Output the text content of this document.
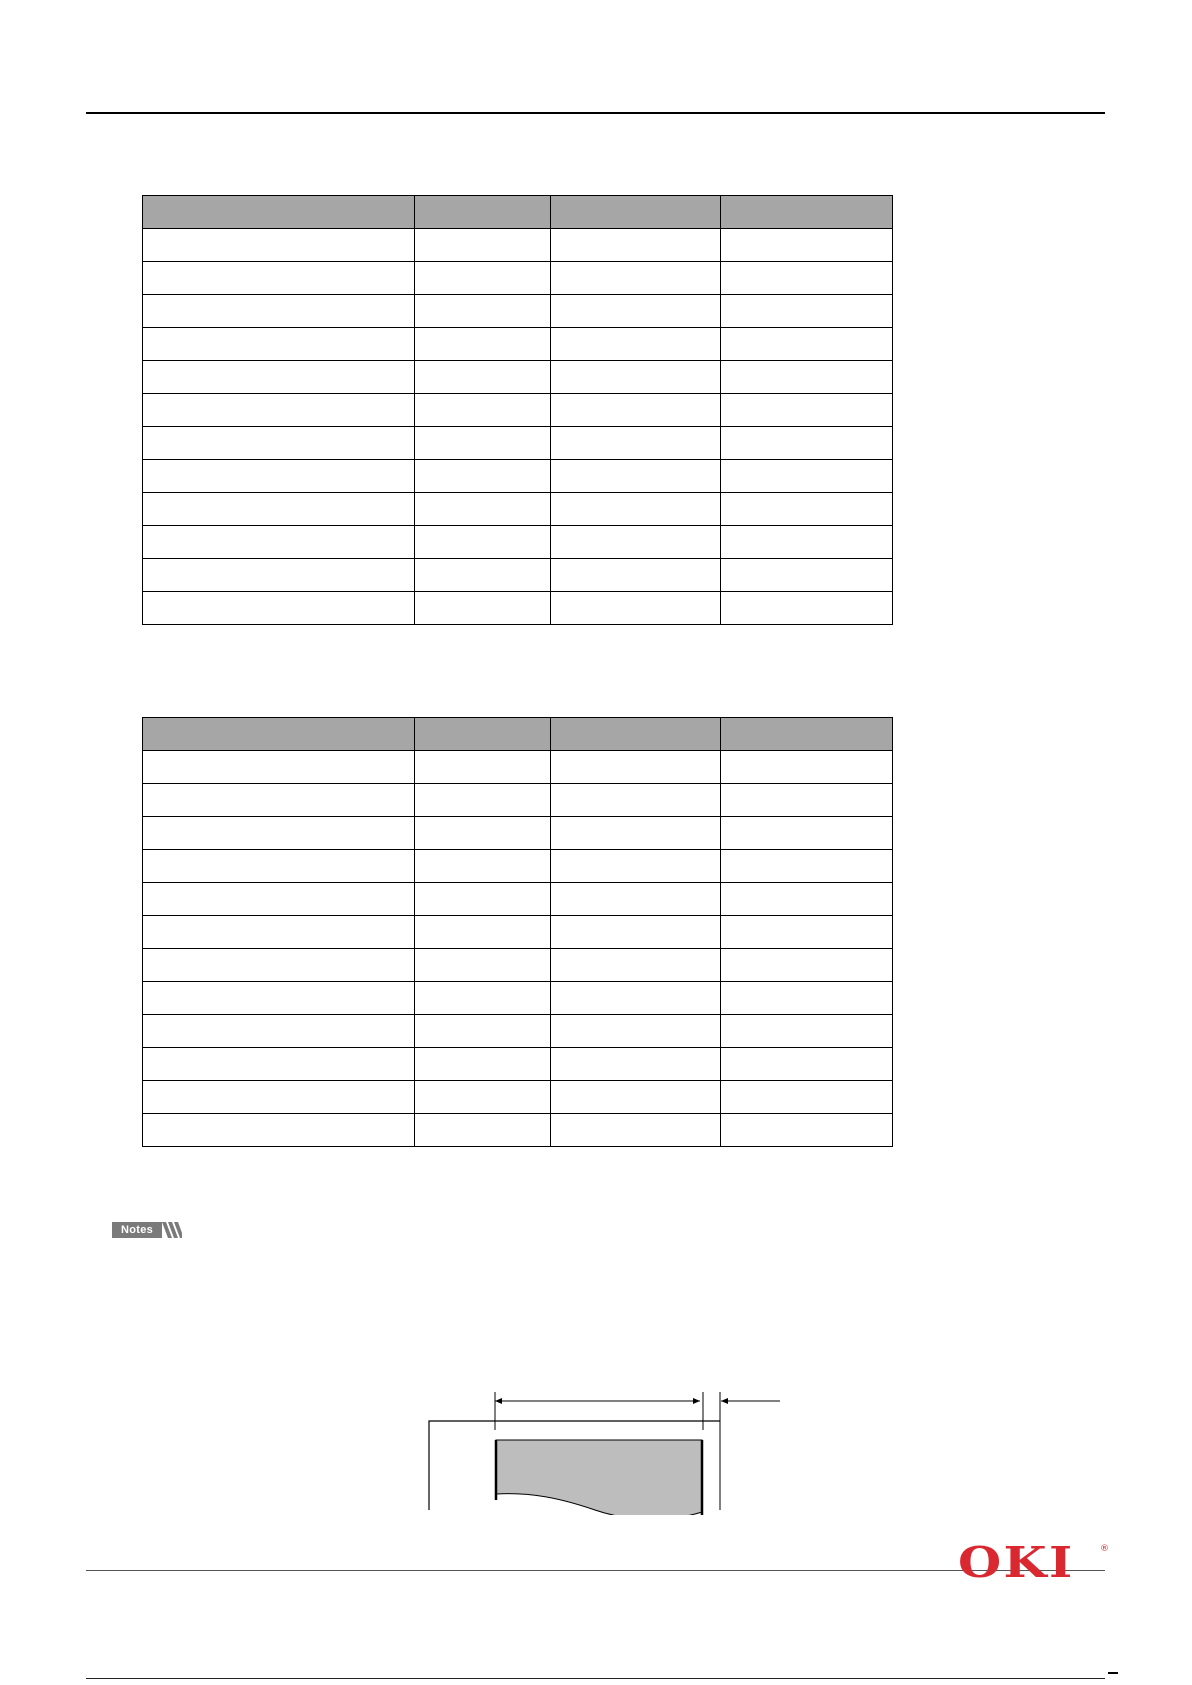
Notes
OKI	®
